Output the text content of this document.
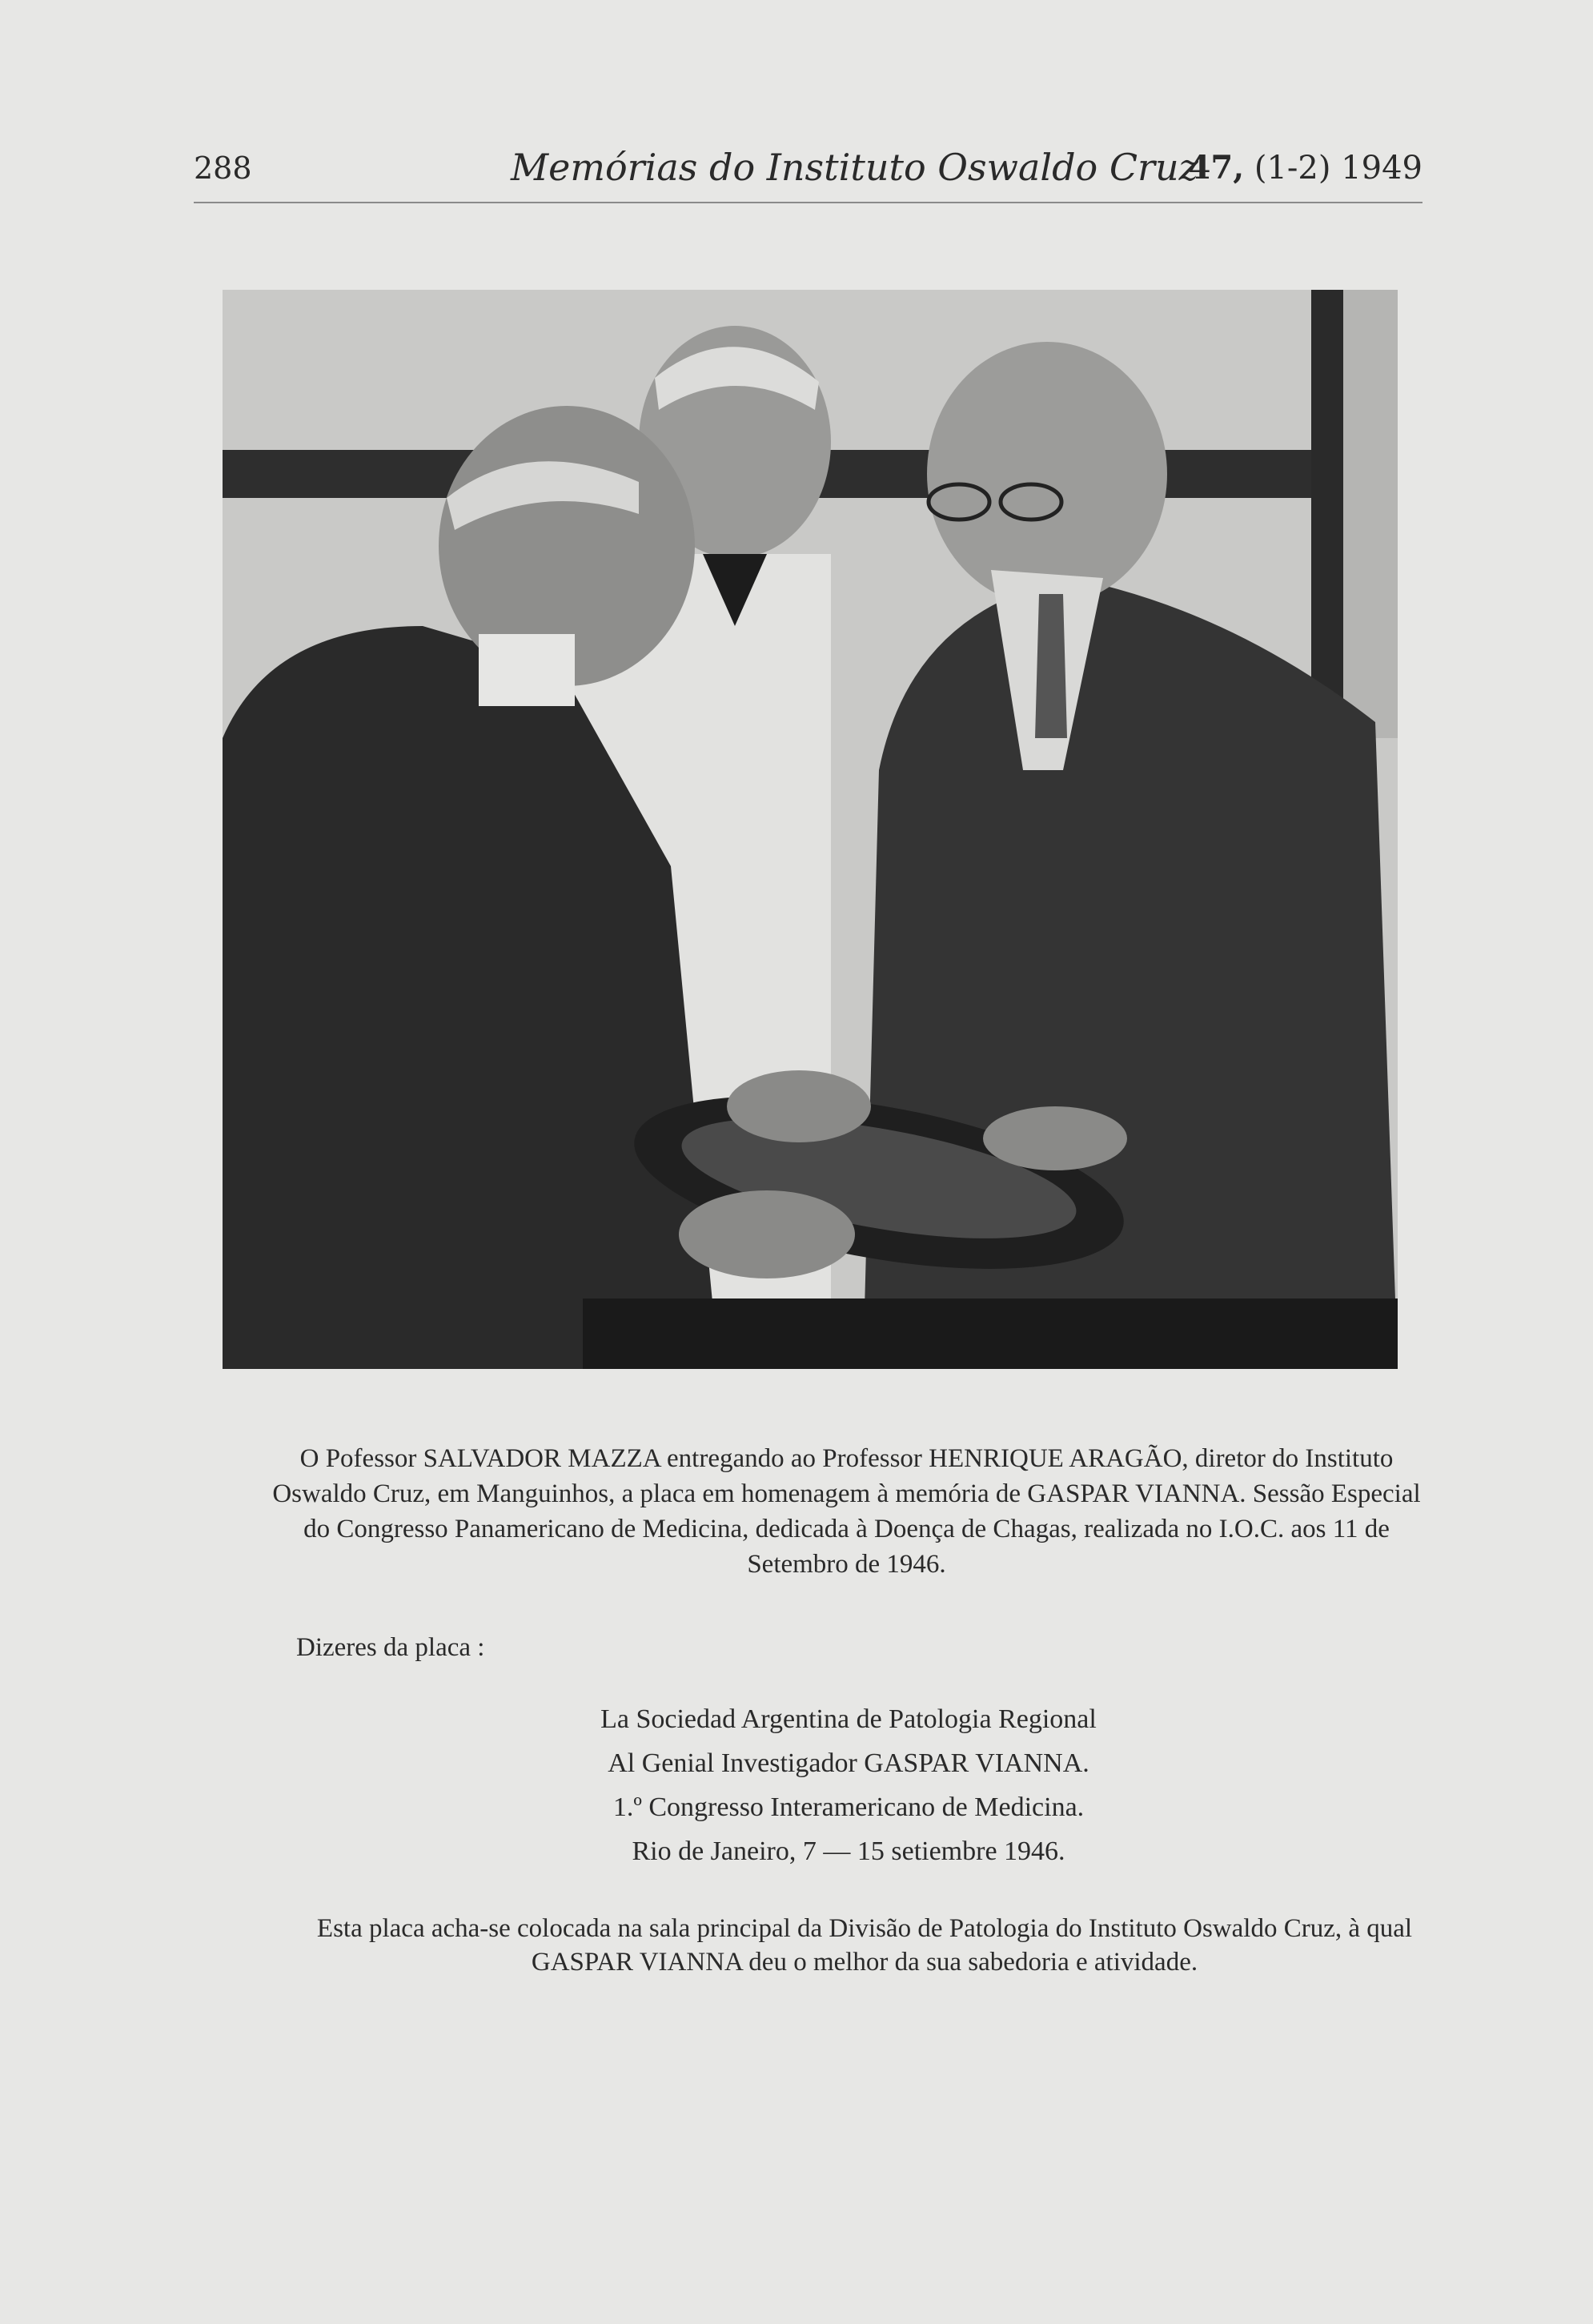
288	Memórias do Instituto Oswaldo Cruz
47, (1-2) 1949
O Pofessor SALVADOR MAZZA entregando ao Professor HENRIQUE ARAGÃO, diretor do Instituto Oswaldo Cruz, em Manguinhos, a placa em homenagem à memória de GASPAR VIANNA. Sessão Especial do Congresso Panamericano de Medicina, dedicada à Doença de Chagas, realizada no I.O.C. aos 11 de Setembro de 1946.
Dizeres da placa :
La Sociedad Argentina de Patologia Regional
Al Genial Investigador GASPAR VIANNA.
1.º Congresso Interamericano de Medicina.
Rio de Janeiro, 7 — 15 setiembre 1946.
Esta placa acha-se colocada na sala principal da Divisão de Patologia do Instituto Oswaldo Cruz, à qual GASPAR VIANNA deu o melhor da sua sabedoria e atividade.
